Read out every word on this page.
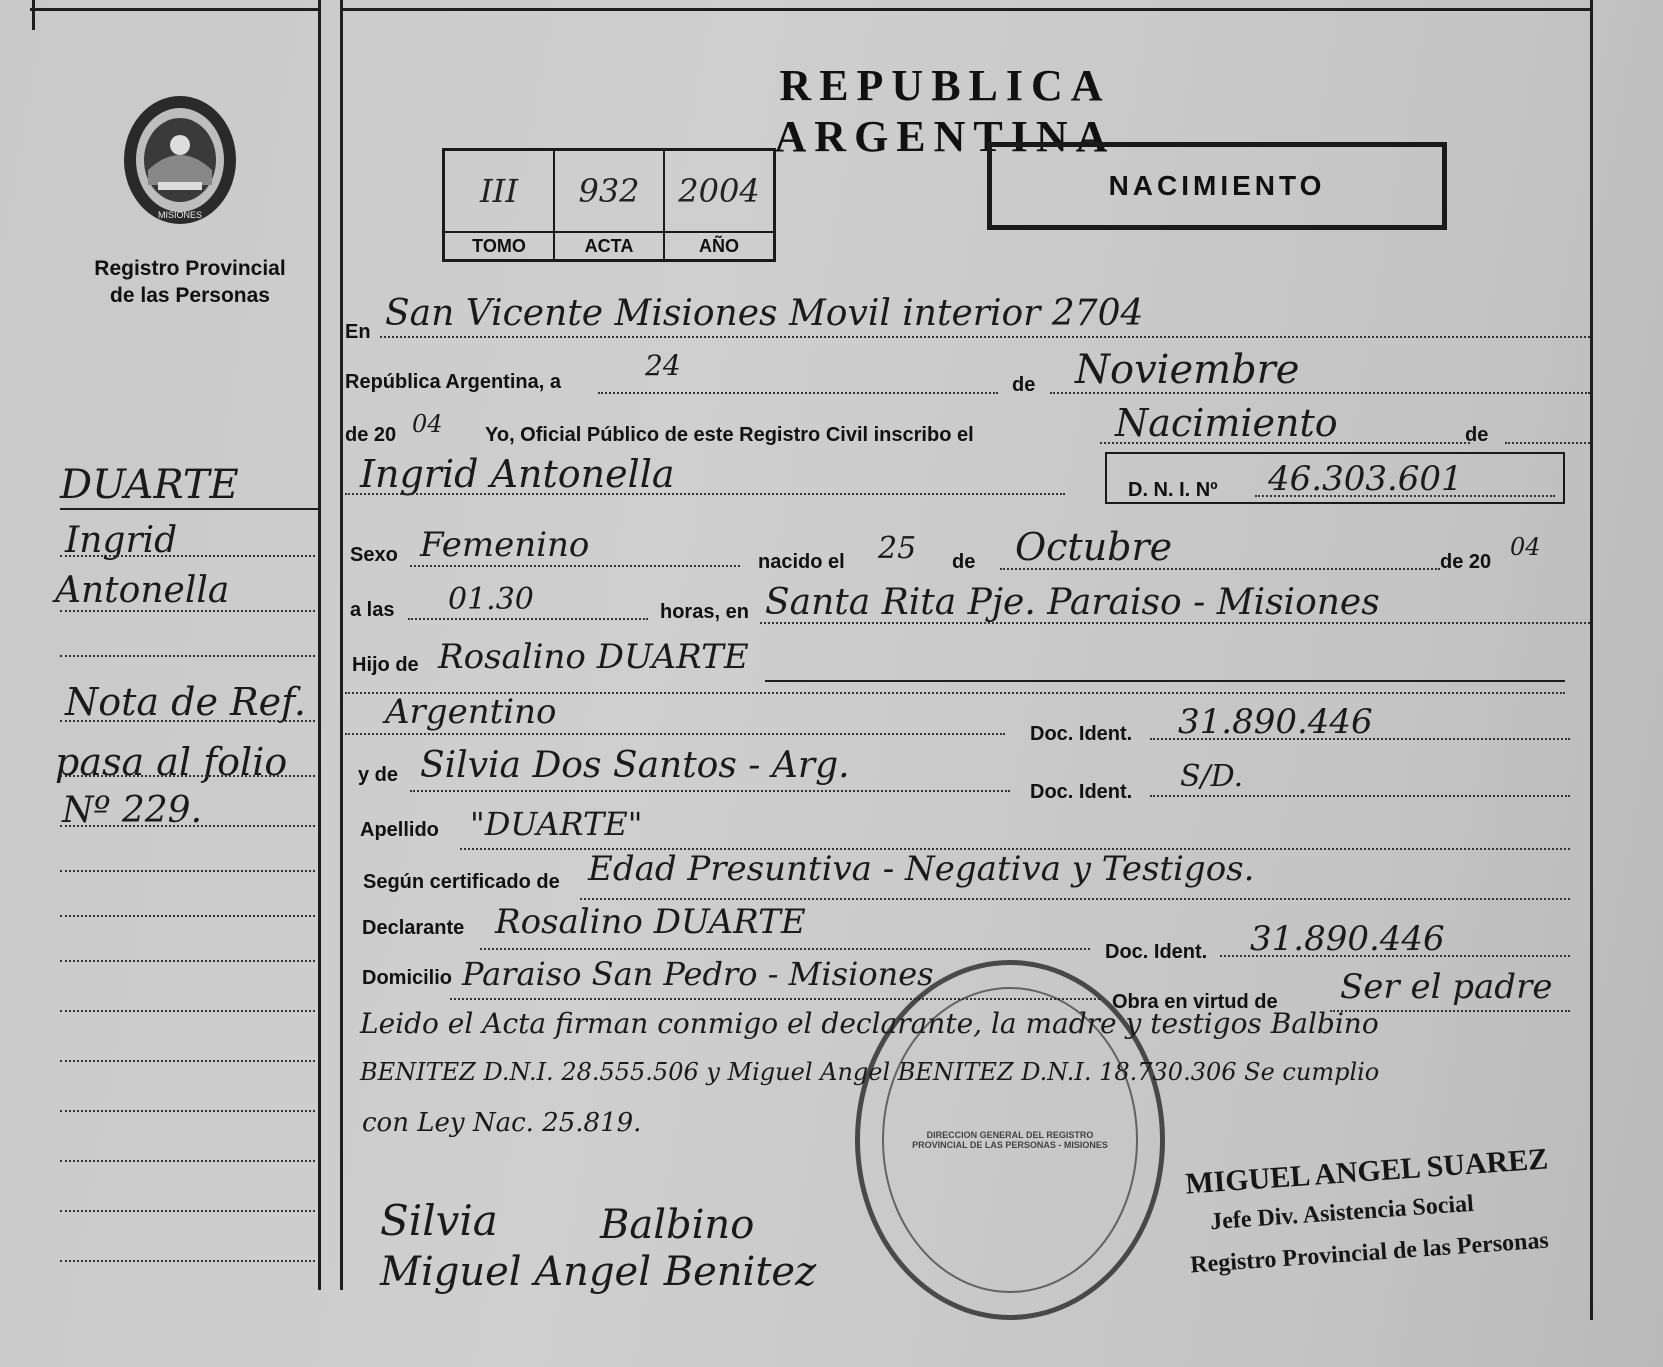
MISIONES
Registro Provincial
de las Personas
REPUBLICA ARGENTINA
III	932	2004
TOMO	ACTA	AÑO
NACIMIENTO
En San Vicente Misiones Movil interior 2704
República Argentina, a	24
de Noviembre
de 20 04 Yo, Oficial Público de este Registro Civil inscribo el	Nacimiento	de
Ingrid Antonella	D. N. I. Nº 46.303.601
Sexo Femenino	nacido el 25 de Octubre	de 20
04
a las 01.30	horas, en Santa Rita Pje. Paraiso - Misiones
Hijo de Rosalino DUARTE
Argentino
Doc. Ident. 31.890.446
y de Silvia Dos Santos - Arg.
Doc. Ident. S/D.
Apellido "DUARTE"
Según certificado de Edad Presuntiva - Negativa y Testigos.
Declarante Rosalino DUARTE
Doc. Ident. 31.890.446
Domicilio Paraiso San Pedro - Misiones
Obra en virtud de Ser el padre
Leido el Acta firman conmigo el declarante, la madre y testigos Balbino
BENITEZ D.N.I. 28.555.506 y Miguel Angel BENITEZ D.N.I. 18.730.306 Se cumplio
con Ley Nac. 25.819.
Silvia	Balbino
Miguel Angel Benitez
DIRECCION GENERAL DEL REGISTRO PROVINCIAL DE LAS PERSONAS - MISIONES	MIGUEL ANGEL SUAREZ
Jefe Div. Asistencia Social
Registro Provincial de las Personas
DUARTE
Ingrid
Antonella
Nota de Ref.
pasa al folio
Nº 229.
